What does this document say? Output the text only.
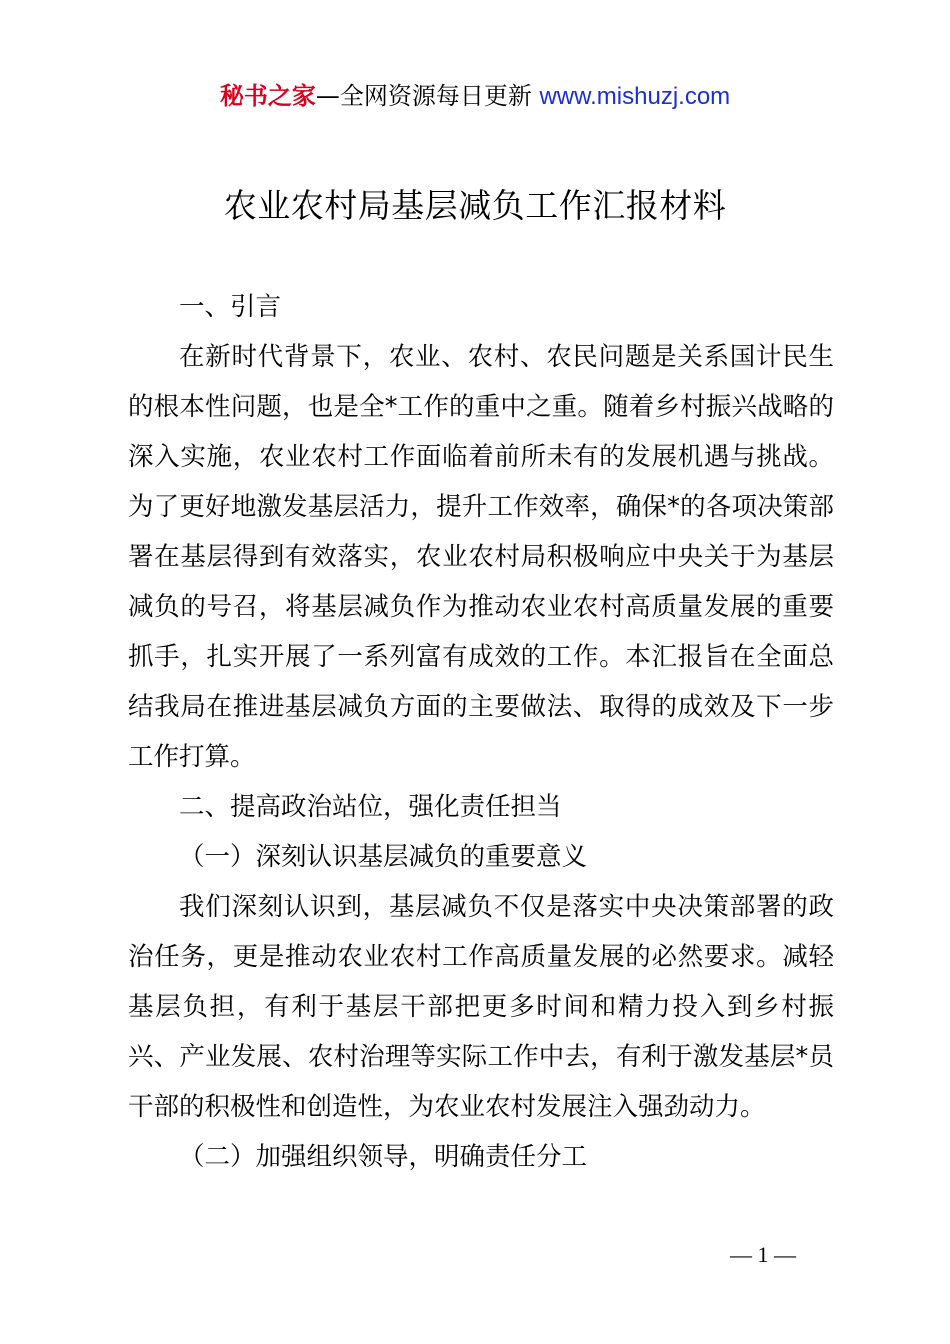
秘书之家—全网资源每日更新 www.mishuzj.com
农业农村局基层减负工作汇报材料

一、引言

在新时代背景下，农业、农村、农民问题是关系国计民生的根本性问题，也是全*工作的重中之重。随着乡村振兴战略的深入实施，农业农村工作面临着前所未有的发展机遇与挑战。为了更好地激发基层活力，提升工作效率，确保*的各项决策部署在基层得到有效落实，农业农村局积极响应中央关于为基层减负的号召，将基层减负作为推动农业农村高质量发展的重要抓手，扎实开展了一系列富有成效的工作。本汇报旨在全面总结我局在推进基层减负方面的主要做法、取得的成效及下一步工作打算。

二、提高政治站位，强化责任担当

（一）深刻认识基层减负的重要意义

我们深刻认识到，基层减负不仅是落实中央决策部署的政治任务，更是推动农业农村工作高质量发展的必然要求。减轻基层负担，有利于基层干部把更多时间和精力投入到乡村振兴、产业发展、农村治理等实际工作中去，有利于激发基层*员干部的积极性和创造性，为农业农村发展注入强劲动力。

（二）加强组织领导，明确责任分工

— 1 —
